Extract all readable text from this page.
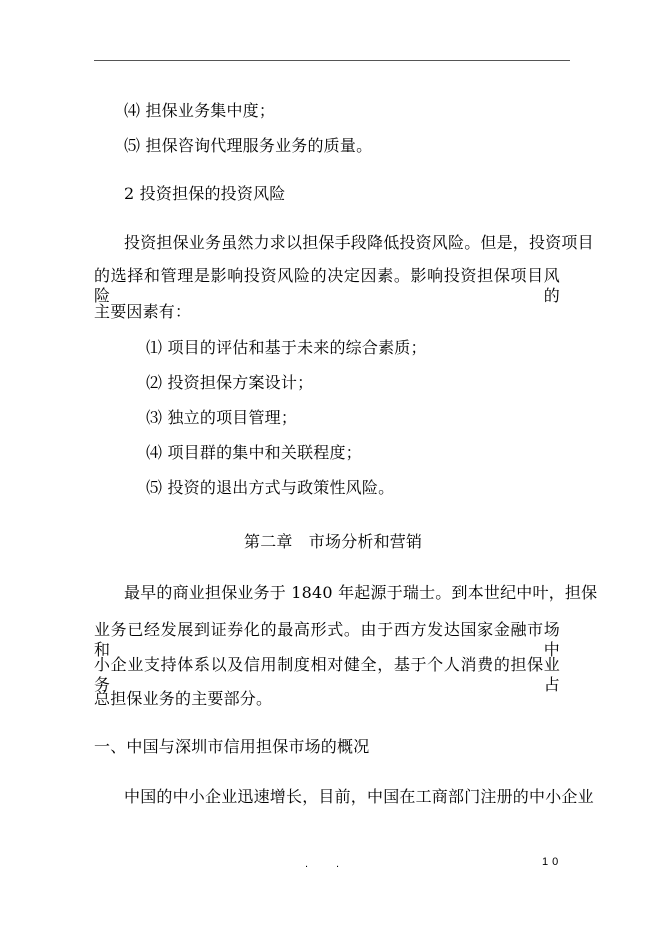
⑷ 担保业务集中度；
⑸ 担保咨询代理服务业务的质量。
2 投资担保的投资风险
投资担保业务虽然力求以担保手段降低投资风险。但是，投资项目
的选择和管理是影响投资风险的决定因素。影响投资担保项目风险的
主要因素有：
⑴ 项目的评估和基于未来的综合素质；
⑵ 投资担保方案设计；
⑶ 独立的项目管理；
⑷ 项目群的集中和关联程度；
⑸ 投资的退出方式与政策性风险。
第二章　市场分析和营销
最早的商业担保业务于 1840 年起源于瑞士。到本世纪中叶，担保
业务已经发展到证券化的最高形式。由于西方发达国家金融市场和中
小企业支持体系以及信用制度相对健全，基于个人消费的担保业务占
总担保业务的主要部分。
一、中国与深圳市信用担保市场的概况
中国的中小企业迅速增长，目前，中国在工商部门注册的中小企业
..	10
